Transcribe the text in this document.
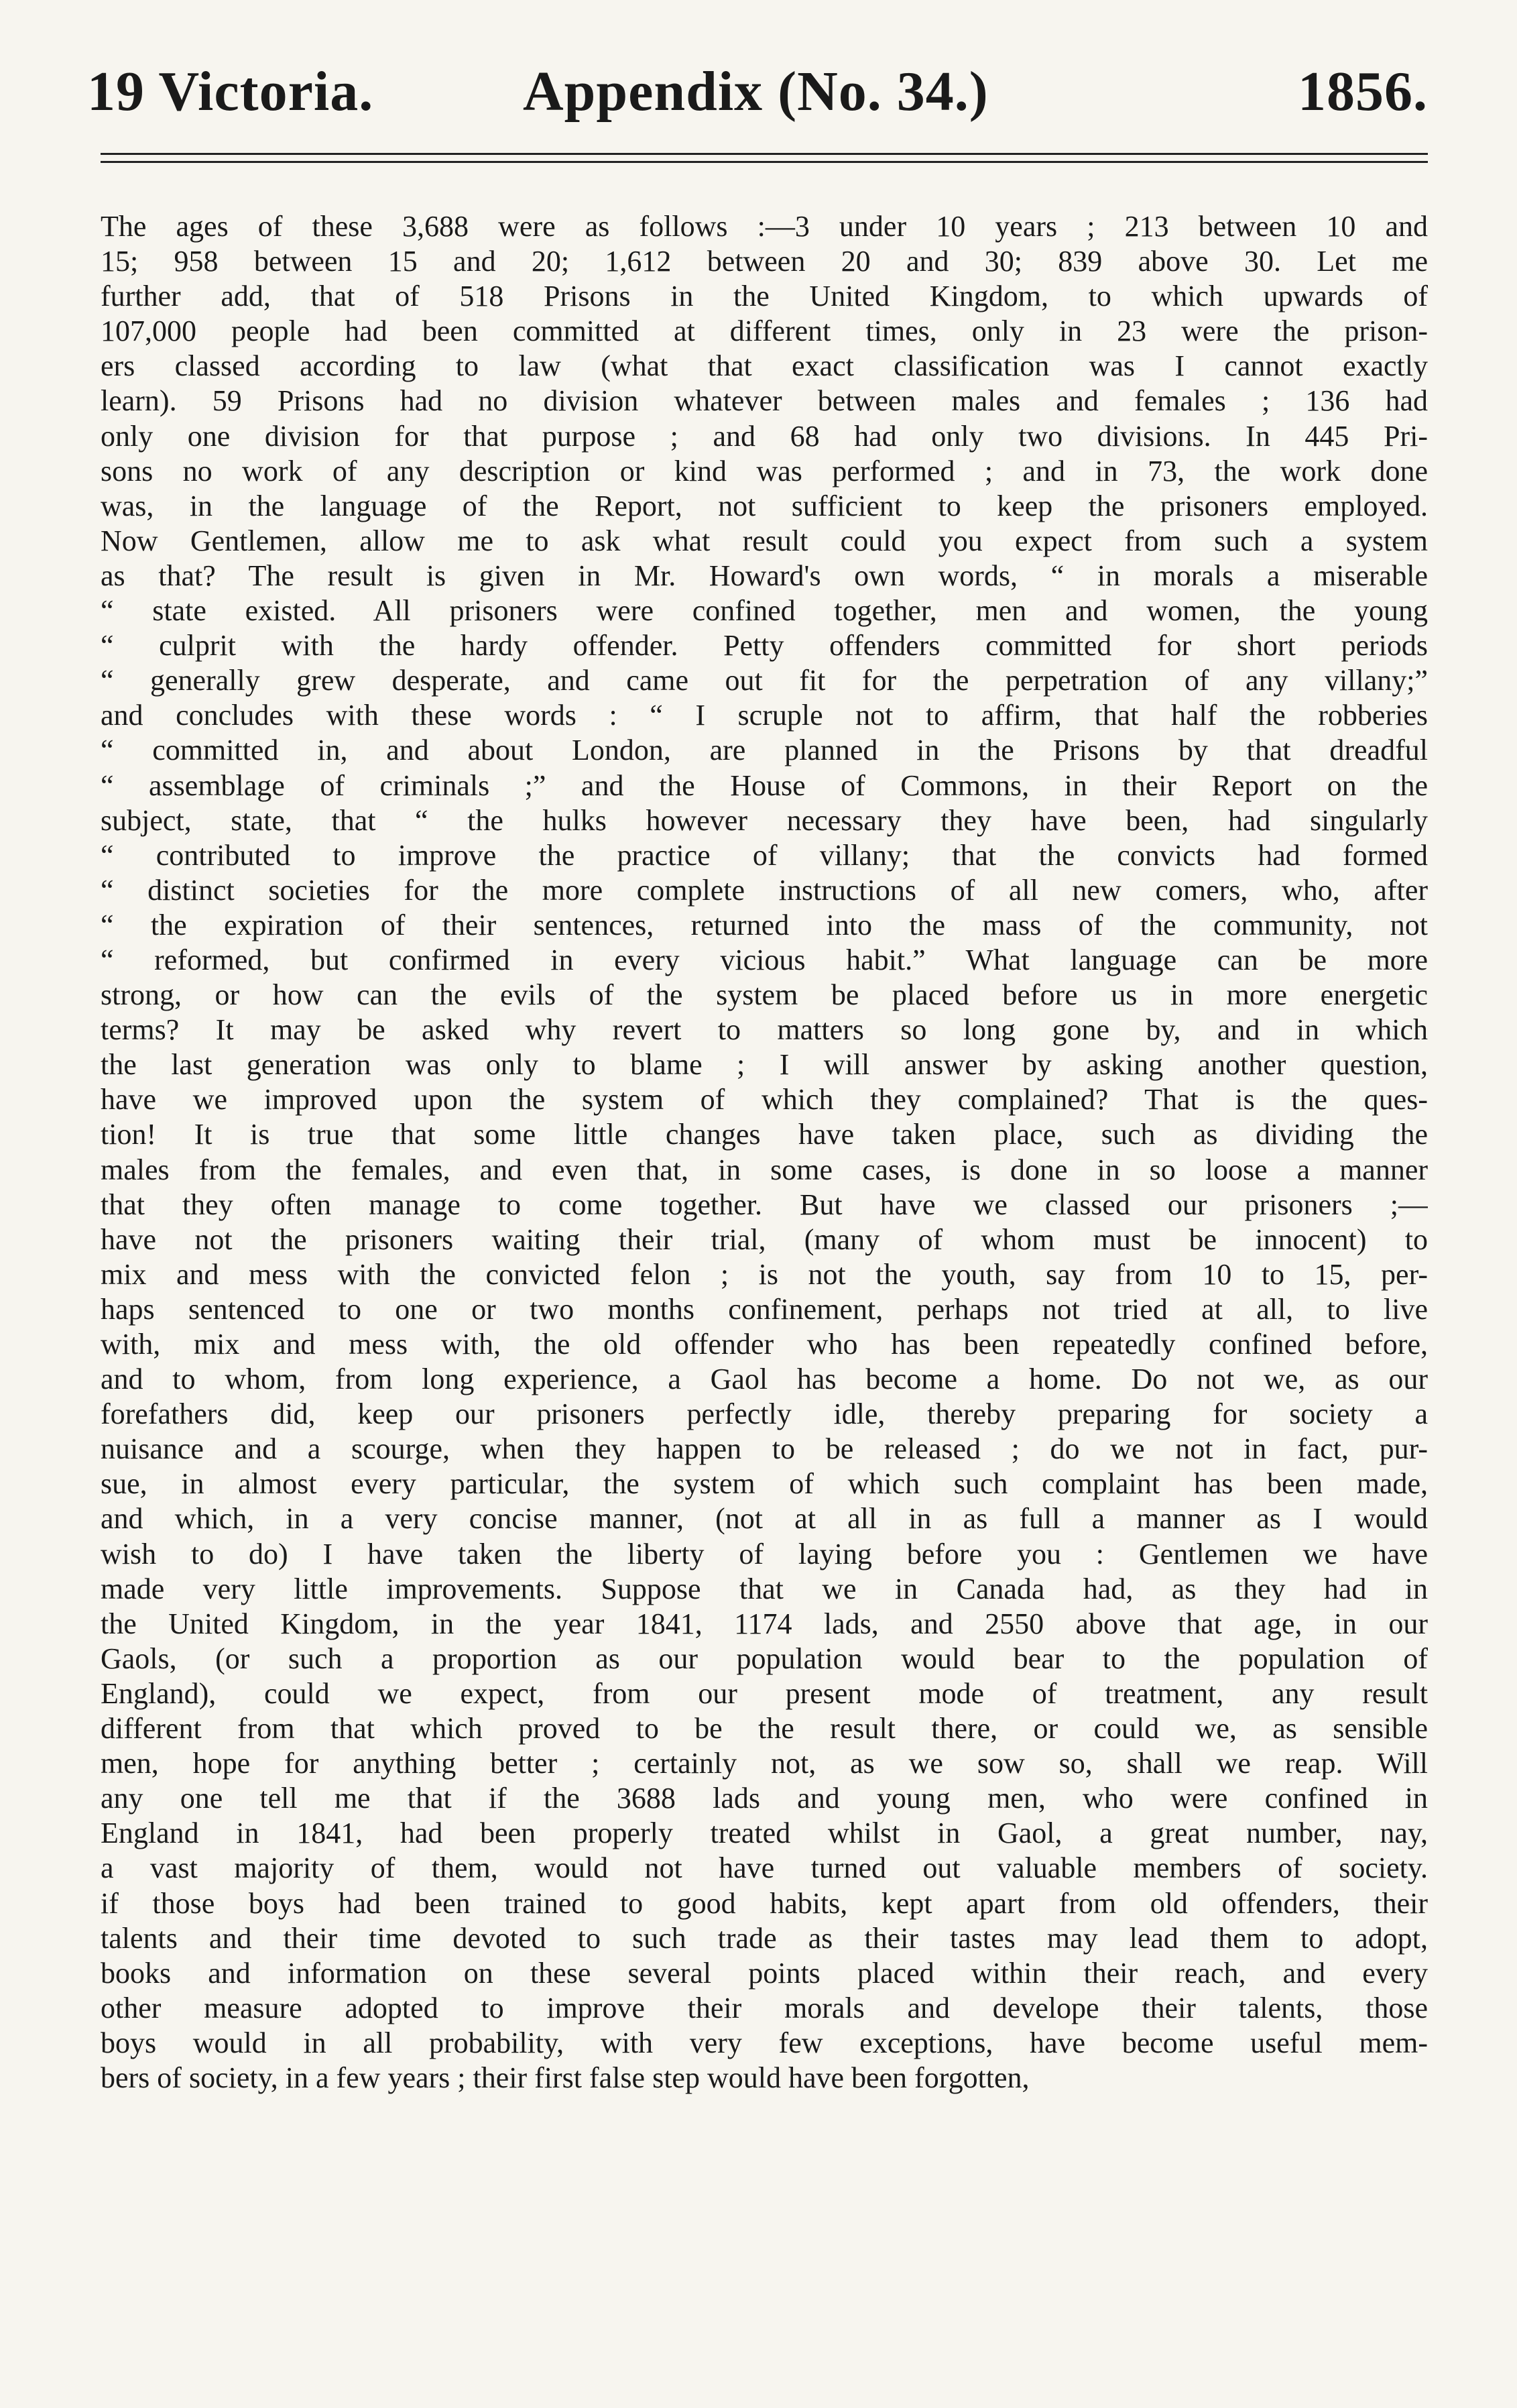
19 Victoria.	Appendix (No. 34.)	1856.
The ages of these 3,688 were as follows :—3 under 10 years ; 213 between 10 and
15; 958 between 15 and 20; 1,612 between 20 and 30; 839 above 30. Let me
further add, that of 518 Prisons in the United Kingdom, to which upwards of
107,000 people had been committed at different times, only in 23 were the prison-
ers classed according to law (what that exact classification was I cannot exactly
learn). 59 Prisons had no division whatever between males and females ; 136 had
only one division for that purpose ; and 68 had only two divisions. In 445 Pri-
sons no work of any description or kind was performed ; and in 73, the work done
was, in the language of the Report, not sufficient to keep the prisoners employed.
Now Gentlemen, allow me to ask what result could you expect from such a system
as that? The result is given in Mr. Howard's own words, “ in morals a miserable
“ state existed. All prisoners were confined together, men and women, the young
“ culprit with the hardy offender. Petty offenders committed for short periods
“ generally grew desperate, and came out fit for the perpetration of any villany;”
and concludes with these words : “ I scruple not to affirm, that half the robberies
“ committed in, and about London, are planned in the Prisons by that dreadful
“ assemblage of criminals ;” and the House of Commons, in their Report on the
subject, state, that “ the hulks however necessary they have been, had singularly
“ contributed to improve the practice of villany; that the convicts had formed
“ distinct societies for the more complete instructions of all new comers, who, after
“ the expiration of their sentences, returned into the mass of the community, not
“ reformed, but confirmed in every vicious habit.” What language can be more
strong, or how can the evils of the system be placed before us in more energetic
terms? It may be asked why revert to matters so long gone by, and in which
the last generation was only to blame ; I will answer by asking another question,
have we improved upon the system of which they complained? That is the ques-
tion! It is true that some little changes have taken place, such as dividing the
males from the females, and even that, in some cases, is done in so loose a manner
that they often manage to come together. But have we classed our prisoners ;—
have not the prisoners waiting their trial, (many of whom must be innocent) to
mix and mess with the convicted felon ; is not the youth, say from 10 to 15, per-
haps sentenced to one or two months confinement, perhaps not tried at all, to live
with, mix and mess with, the old offender who has been repeatedly confined before,
and to whom, from long experience, a Gaol has become a home. Do not we, as our
forefathers did, keep our prisoners perfectly idle, thereby preparing for society a
nuisance and a scourge, when they happen to be released ; do we not in fact, pur-
sue, in almost every particular, the system of which such complaint has been made,
and which, in a very concise manner, (not at all in as full a manner as I would
wish to do) I have taken the liberty of laying before you : Gentlemen we have
made very little improvements. Suppose that we in Canada had, as they had in
the United Kingdom, in the year 1841, 1174 lads, and 2550 above that age, in our
Gaols, (or such a proportion as our population would bear to the population of
England), could we expect, from our present mode of treatment, any result
different from that which proved to be the result there, or could we, as sensible
men, hope for anything better ; certainly not, as we sow so, shall we reap. Will
any one tell me that if the 3688 lads and young men, who were confined in
England in 1841, had been properly treated whilst in Gaol, a great number, nay,
a vast majority of them, would not have turned out valuable members of society.
if those boys had been trained to good habits, kept apart from old offenders, their
talents and their time devoted to such trade as their tastes may lead them to adopt,
books and information on these several points placed within their reach, and every
other measure adopted to improve their morals and develope their talents, those
boys would in all probability, with very few exceptions, have become useful mem-
bers of society, in a few years ; their first false step would have been forgotten,
